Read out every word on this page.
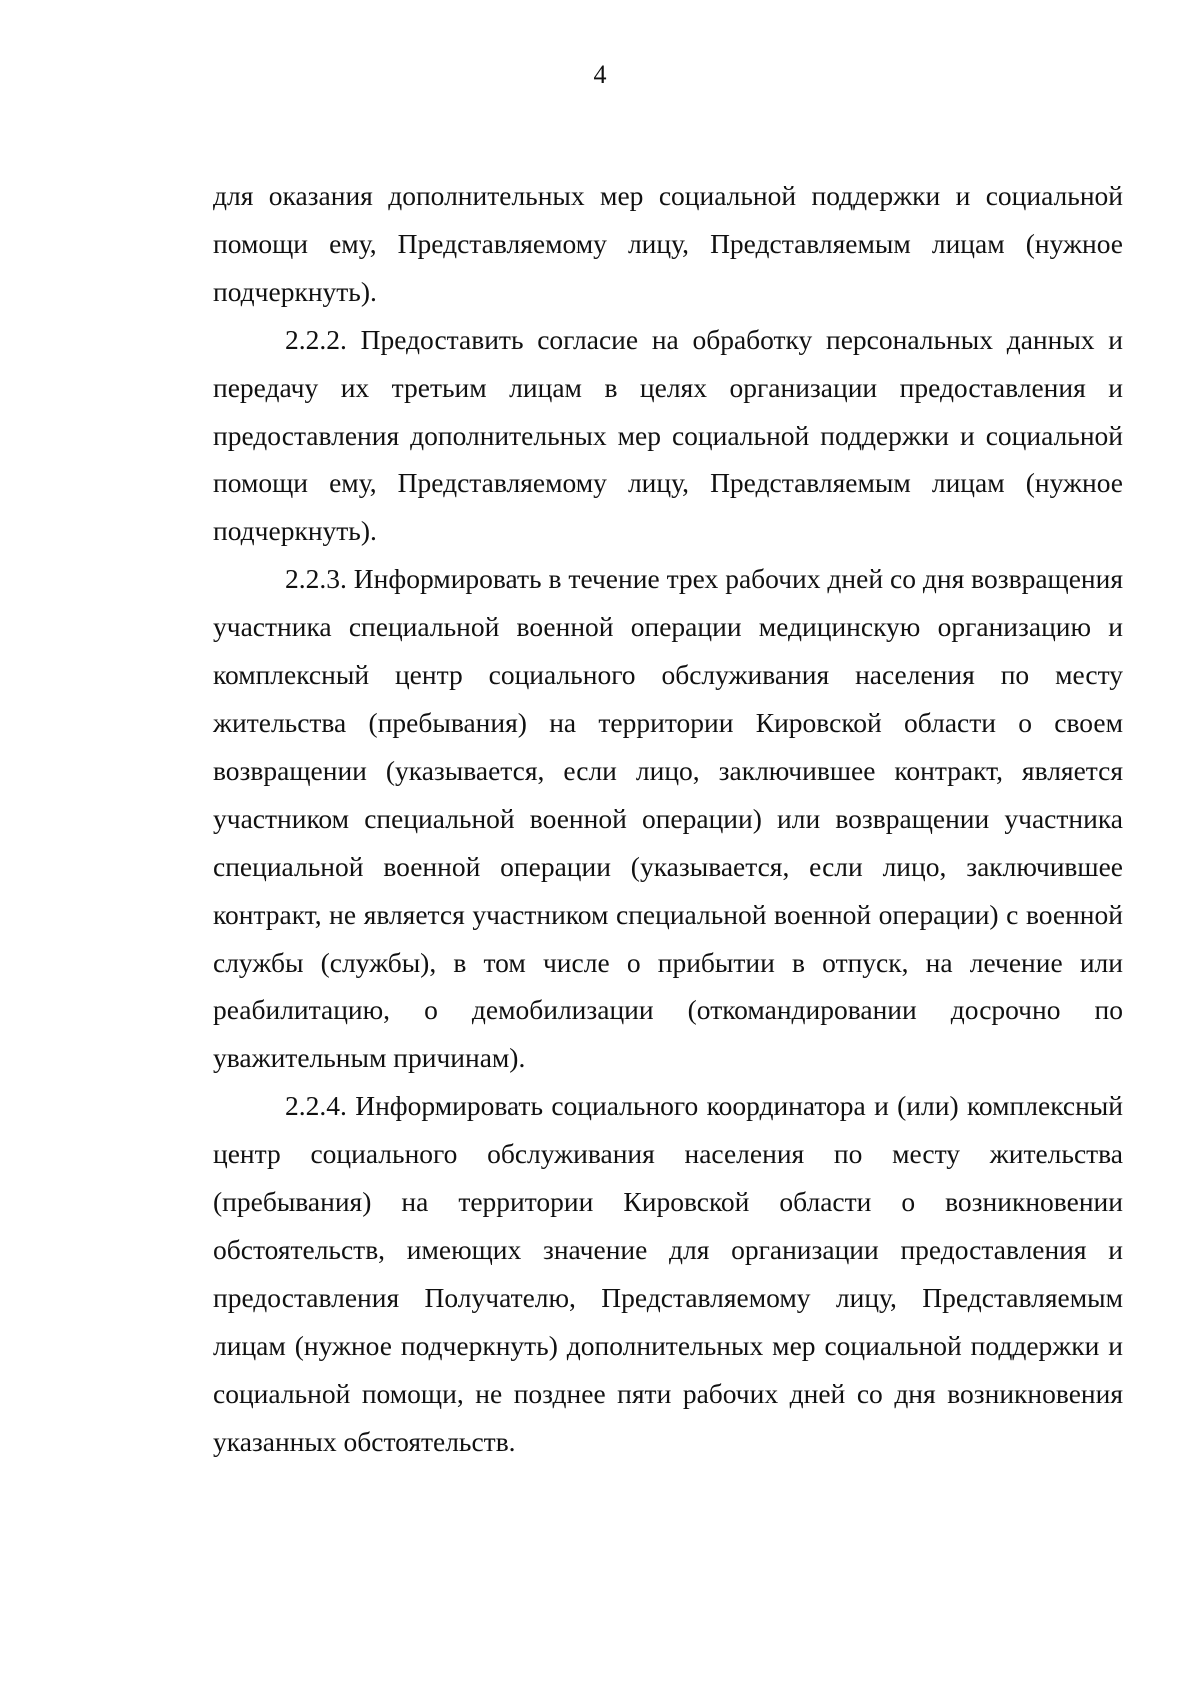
4

для оказания дополнительных мер социальной поддержки и социальной помощи ему, Представляемому лицу, Представляемым лицам (нужное подчеркнуть).

2.2.2. Предоставить согласие на обработку персональных данных и передачу их третьим лицам в целях организации предоставления и предоставления дополнительных мер социальной поддержки и социальной помощи ему, Представляемому лицу, Представляемым лицам (нужное подчеркнуть).

2.2.3. Информировать в течение трех рабочих дней со дня возвращения участника специальной военной операции медицинскую организацию и комплексный центр социального обслуживания населения по месту жительства (пребывания) на территории Кировской области о своем возвращении (указывается, если лицо, заключившее контракт, является участником специальной военной операции) или возвращении участника специальной военной операции (указывается, если лицо, заключившее контракт, не является участником специальной военной операции) с военной службы (службы), в том числе о прибытии в отпуск, на лечение или реабилитацию, о демобилизации (откомандировании досрочно по уважительным причинам).

2.2.4. Информировать социального координатора и (или) комплексный центр социального обслуживания населения по месту жительства (пребывания) на территории Кировской области о возникновении обстоятельств, имеющих значение для организации предоставления и предоставления Получателю, Представляемому лицу, Представляемым лицам (нужное подчеркнуть) дополнительных мер социальной поддержки и социальной помощи, не позднее пяти рабочих дней со дня возникновения указанных обстоятельств.
